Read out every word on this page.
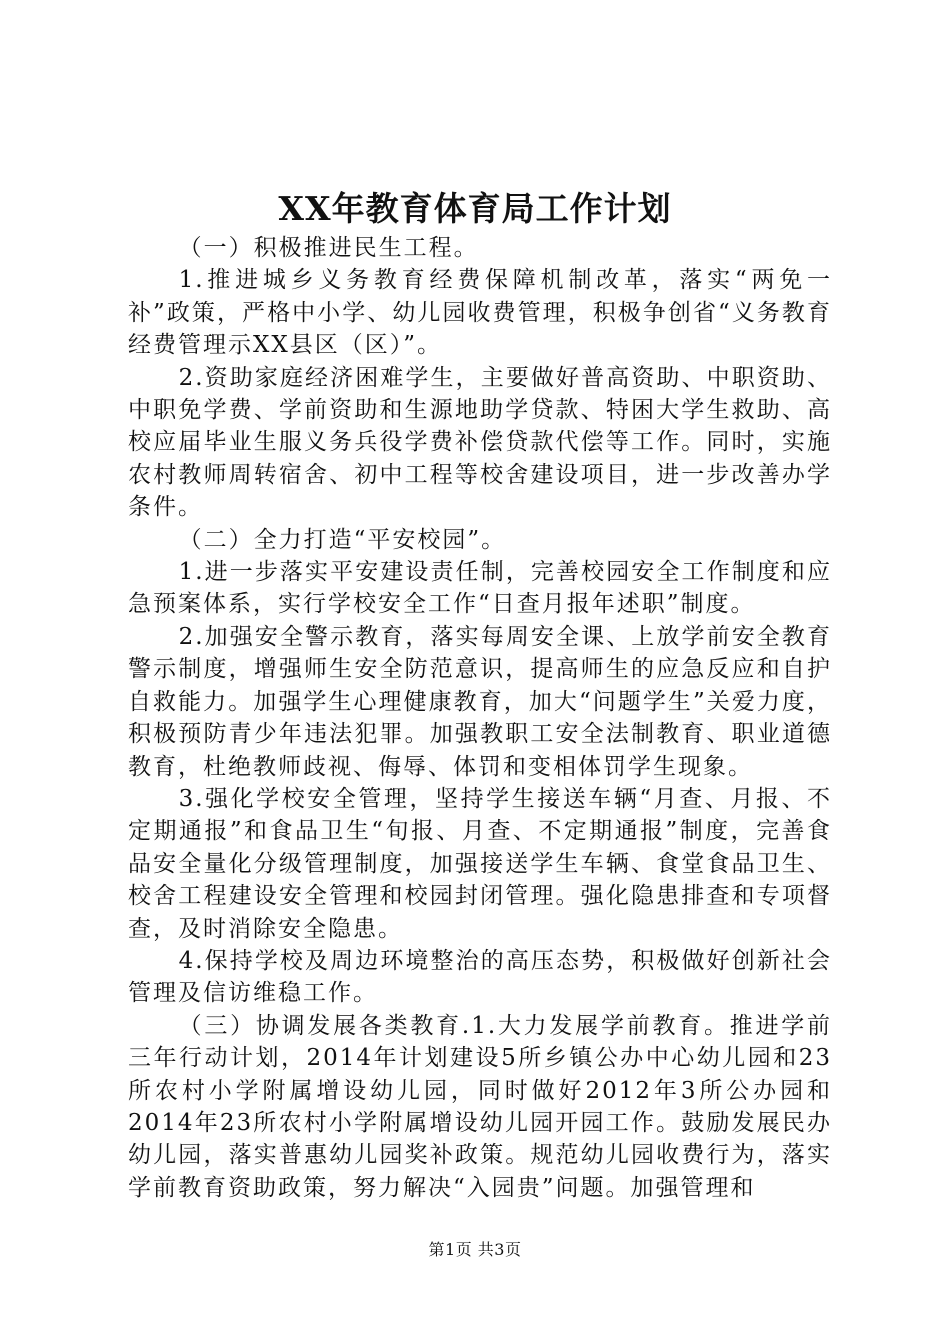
XX年教育体育局工作计划

（一）积极推进民生工程。

1.推进城乡义务教育经费保障机制改革，落实“两免一补”政策，严格中小学、幼儿园收费管理，积极争创省“义务教育经费管理示XX县区（区）”。

2.资助家庭经济困难学生，主要做好普高资助、中职资助、中职免学费、学前资助和生源地助学贷款、特困大学生救助、高校应届毕业生服义务兵役学费补偿贷款代偿等工作。同时，实施农村教师周转宿舍、初中工程等校舍建设项目，进一步改善办学条件。

（二）全力打造“平安校园”。

1.进一步落实平安建设责任制，完善校园安全工作制度和应急预案体系，实行学校安全工作“日查月报年述职”制度。

2.加强安全警示教育，落实每周安全课、上放学前安全教育警示制度，增强师生安全防范意识，提高师生的应急反应和自护自救能力。加强学生心理健康教育，加大“问题学生”关爱力度，积极预防青少年违法犯罪。加强教职工安全法制教育、职业道德教育，杜绝教师歧视、侮辱、体罚和变相体罚学生现象。

3.强化学校安全管理，坚持学生接送车辆“月查、月报、不定期通报”和食品卫生“旬报、月查、不定期通报”制度，完善食品安全量化分级管理制度，加强接送学生车辆、食堂食品卫生、校舍工程建设安全管理和校园封闭管理。强化隐患排查和专项督查，及时消除安全隐患。

4.保持学校及周边环境整治的高压态势，积极做好创新社会管理及信访维稳工作。

（三）协调发展各类教育.1.大力发展学前教育。推进学前三年行动计划，2014年计划建设5所乡镇公办中心幼儿园和23所农村小学附属增设幼儿园，同时做好2012年3所公办园和2014年23所农村小学附属增设幼儿园开园工作。鼓励发展民办幼儿园，落实普惠幼儿园奖补政策。规范幼儿园收费行为，落实学前教育资助政策，努力解决“入园贵”问题。加强管理和

第1页 共3页
